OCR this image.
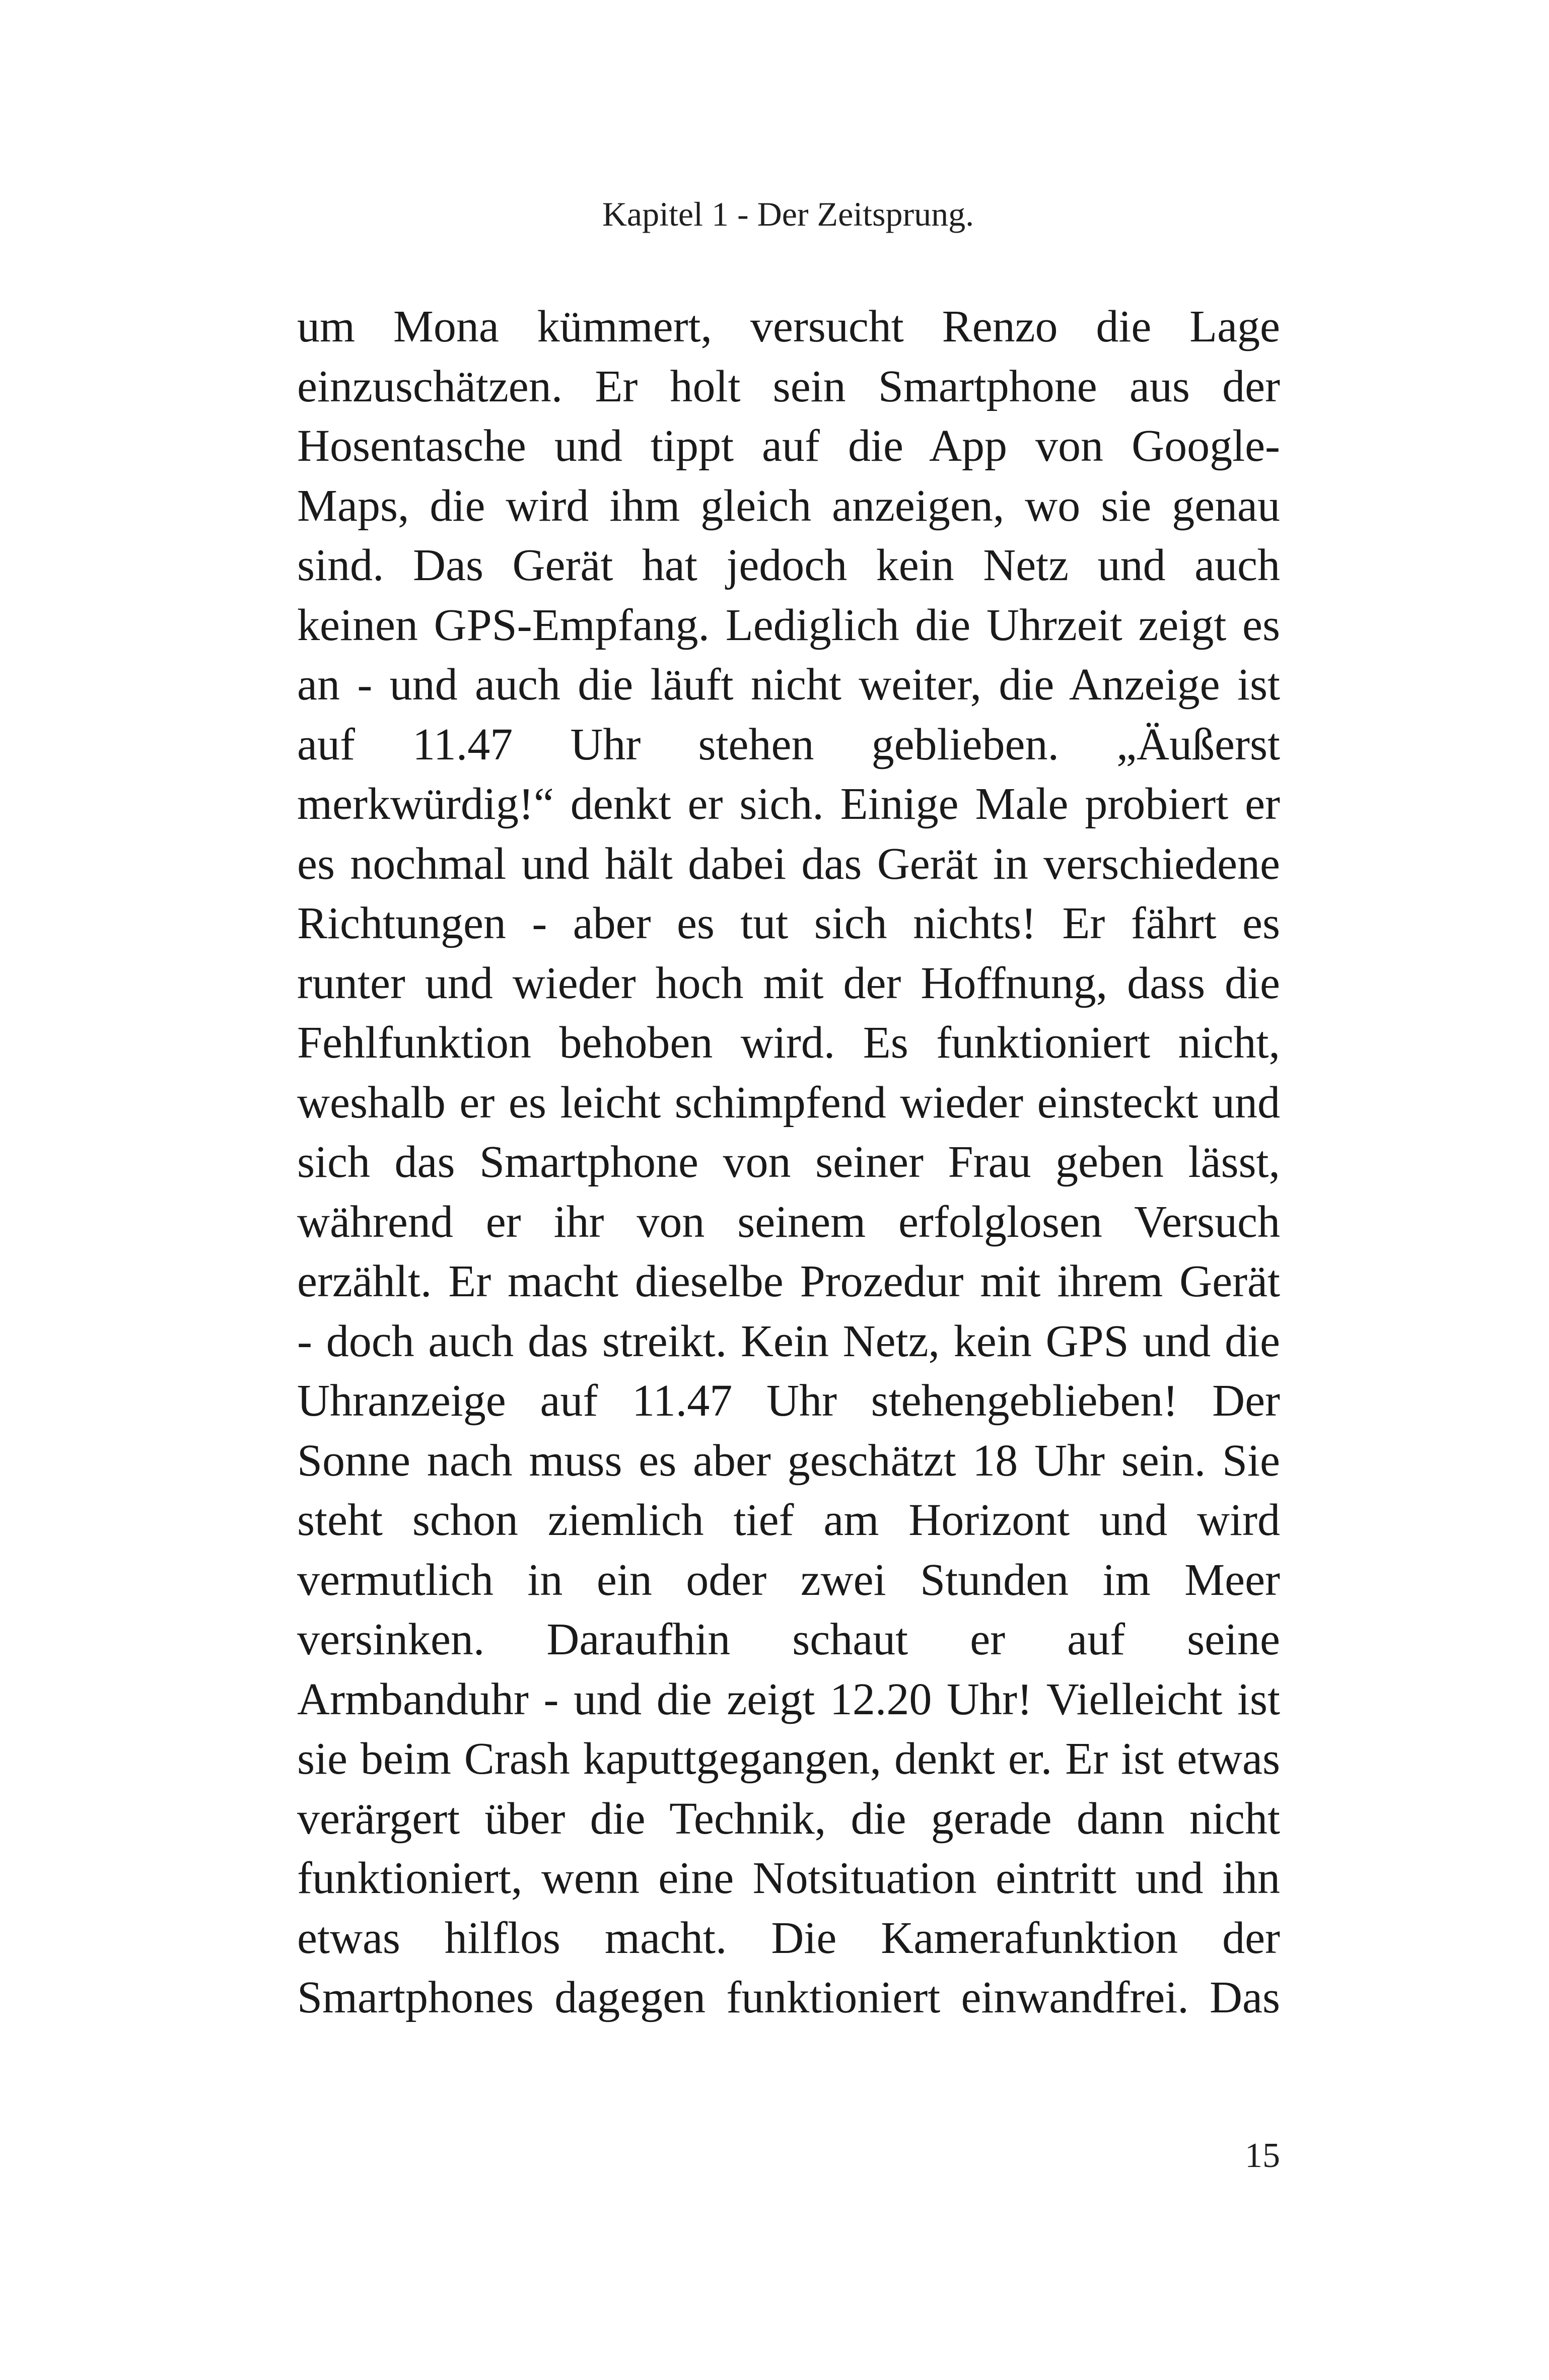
Kapitel 1 - Der Zeitsprung.
um Mona kümmert, versucht Renzo die Lage
einzuschätzen. Er holt sein Smartphone aus der
Hosentasche und tippt auf die App von Google-
Maps, die wird ihm gleich anzeigen, wo sie genau
sind. Das Gerät hat jedoch kein Netz und auch
keinen GPS-Empfang. Lediglich die Uhrzeit zeigt es
an - und auch die läuft nicht weiter, die Anzeige ist
auf 11.47 Uhr stehen geblieben. „Äußerst
merkwürdig!“ denkt er sich. Einige Male probiert er
es nochmal und hält dabei das Gerät in verschiedene
Richtungen - aber es tut sich nichts! Er fährt es
runter und wieder hoch mit der Hoffnung, dass die
Fehlfunktion behoben wird. Es funktioniert nicht,
weshalb er es leicht schimpfend wieder einsteckt und
sich das Smartphone von seiner Frau geben lässt,
während er ihr von seinem erfolglosen Versuch
erzählt. Er macht dieselbe Prozedur mit ihrem Gerät
- doch auch das streikt. Kein Netz, kein GPS und die
Uhranzeige auf 11.47 Uhr stehengeblieben! Der
Sonne nach muss es aber geschätzt 18 Uhr sein. Sie
steht schon ziemlich tief am Horizont und wird
vermutlich in ein oder zwei Stunden im Meer
versinken. Daraufhin schaut er auf seine
Armbanduhr - und die zeigt 12.20 Uhr! Vielleicht ist
sie beim Crash kaputtgegangen, denkt er. Er ist etwas
verärgert über die Technik, die gerade dann nicht
funktioniert, wenn eine Notsituation eintritt und ihn
etwas hilflos macht. Die Kamerafunktion der
Smartphones dagegen funktioniert einwandfrei. Das
15
